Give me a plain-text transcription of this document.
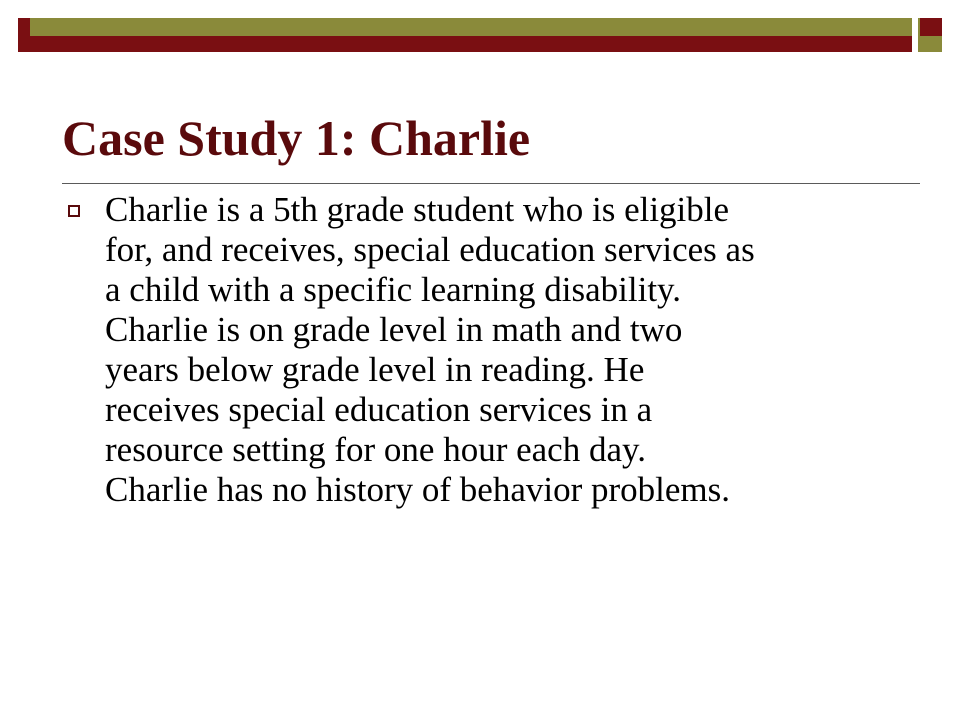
Case Study 1: Charlie

Charlie is a 5th grade student who is eligible
for, and receives, special education services as
a child with a specific learning disability.
Charlie is on grade level in math and two
years below grade level in reading. He
receives special education services in a
resource setting for one hour each day.
Charlie has no history of behavior problems.
